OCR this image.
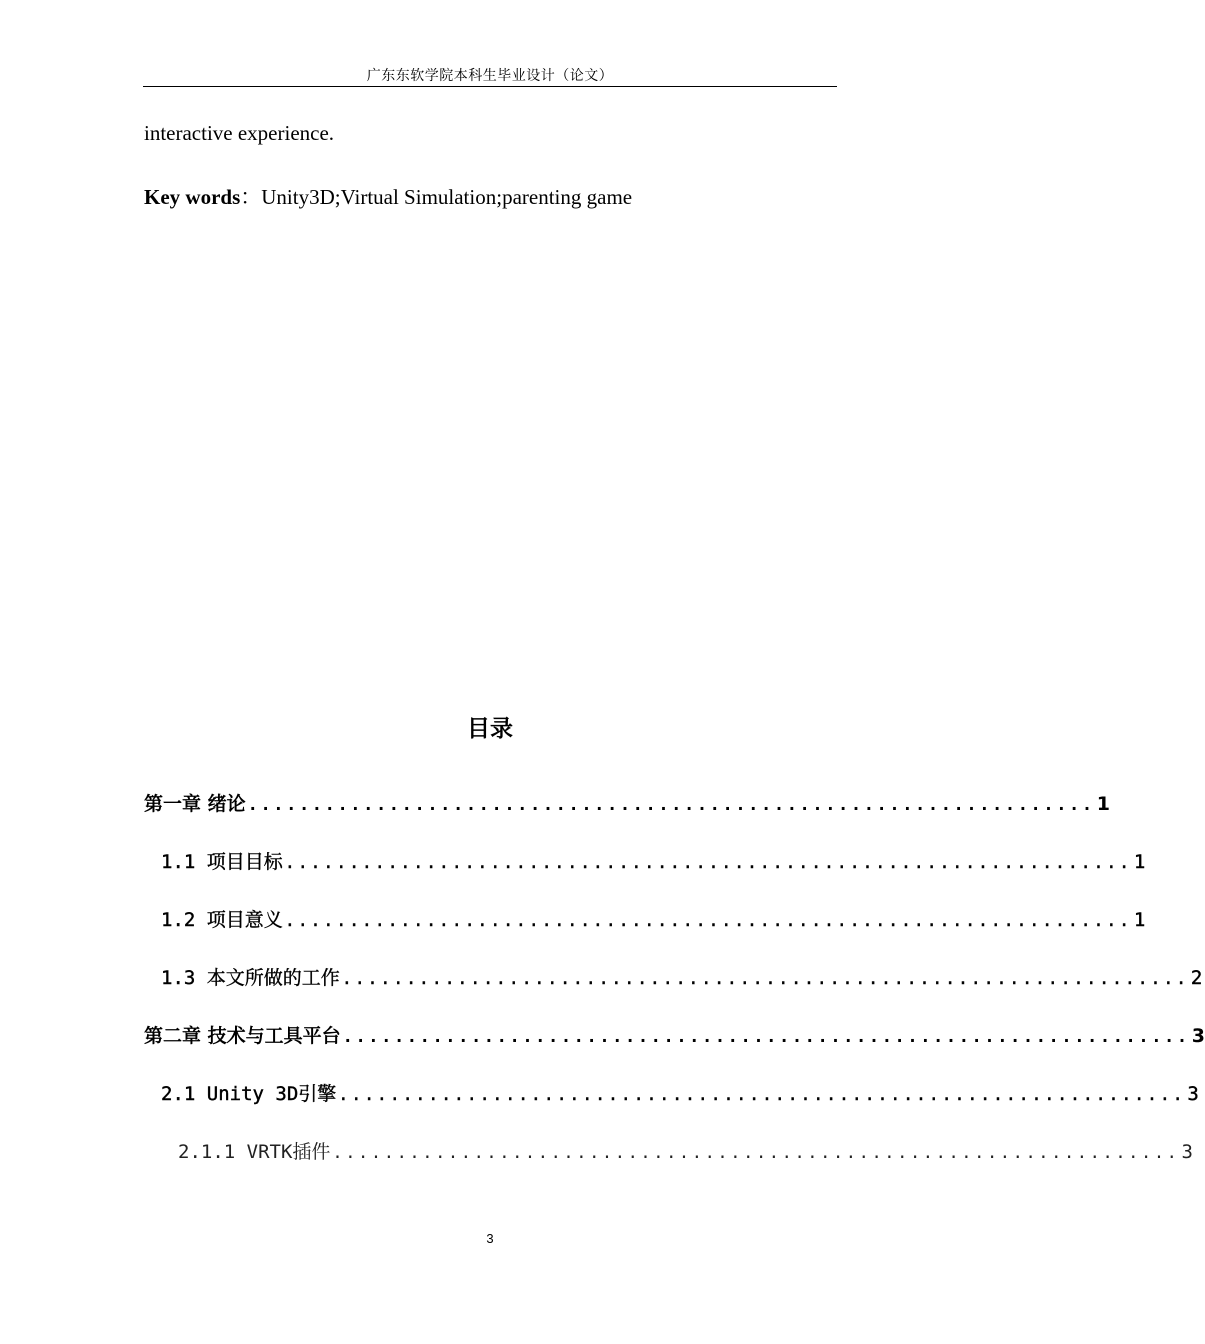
广东东软学院本科生毕业设计（论文）
interactive experience.
Key words：Unity3D;Virtual Simulation;parenting game
目录
第一章 绪论 .................................................................. 1
1.1 项目目标 .................................................................. 1
1.2 项目意义 .................................................................. 1
1.3 本文所做的工作 .................................................................. 2
第二章 技术与工具平台 .................................................................. 3
2.1 Unity 3D引擎 .................................................................. 3
2.1.1 VRTK插件 .................................................................. 3
3
